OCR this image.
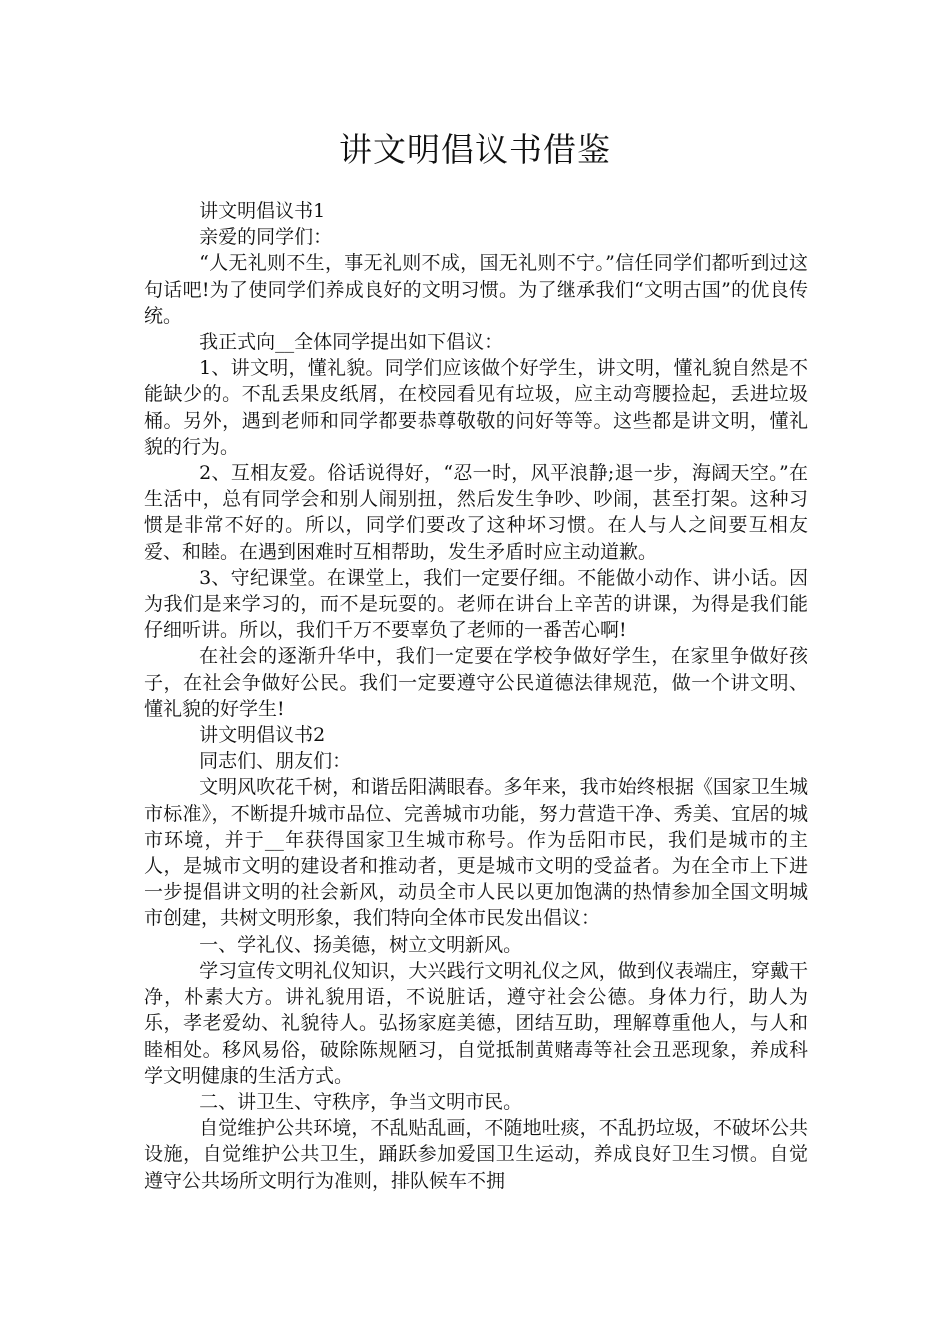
讲文明倡议书借鉴

讲文明倡议书1

亲爱的同学们：

“人无礼则不生，事无礼则不成，国无礼则不宁。”信任同学们都听到过这句话吧!为了使同学们养成良好的文明习惯。为了继承我们“文明古国”的优良传统。

我正式向__全体同学提出如下倡议：

1、讲文明，懂礼貌。同学们应该做个好学生，讲文明，懂礼貌自然是不能缺少的。不乱丢果皮纸屑，在校园看见有垃圾，应主动弯腰捡起，丢进垃圾桶。另外，遇到老师和同学都要恭尊敬敬的问好等等。这些都是讲文明，懂礼貌的行为。

2、互相友爱。俗话说得好，“忍一时，风平浪静;退一步，海阔天空。”在生活中，总有同学会和别人闹别扭，然后发生争吵、吵闹，甚至打架。这种习惯是非常不好的。所以，同学们要改了这种坏习惯。在人与人之间要互相友爱、和睦。在遇到困难时互相帮助，发生矛盾时应主动道歉。

3、守纪课堂。在课堂上，我们一定要仔细。不能做小动作、讲小话。因为我们是来学习的，而不是玩耍的。老师在讲台上辛苦的讲课，为得是我们能仔细听讲。所以，我们千万不要辜负了老师的一番苦心啊!

在社会的逐渐升华中，我们一定要在学校争做好学生，在家里争做好孩子，在社会争做好公民。我们一定要遵守公民道德法律规范，做一个讲文明、懂礼貌的好学生!

讲文明倡议书2

同志们、朋友们：

文明风吹花千树，和谐岳阳满眼春。多年来，我市始终根据《国家卫生城市标准》，不断提升城市品位、完善城市功能，努力营造干净、秀美、宜居的城市环境，并于__年获得国家卫生城市称号。作为岳阳市民，我们是城市的主人，是城市文明的建设者和推动者，更是城市文明的受益者。为在全市上下进一步提倡讲文明的社会新风，动员全市人民以更加饱满的热情参加全国文明城市创建，共树文明形象，我们特向全体市民发出倡议：

一、学礼仪、扬美德，树立文明新风。

学习宣传文明礼仪知识，大兴践行文明礼仪之风，做到仪表端庄，穿戴干净，朴素大方。讲礼貌用语，不说脏话，遵守社会公德。身体力行，助人为乐，孝老爱幼、礼貌待人。弘扬家庭美德，团结互助，理解尊重他人，与人和睦相处。移风易俗，破除陈规陋习，自觉抵制黄赌毒等社会丑恶现象，养成科学文明健康的生活方式。

二、讲卫生、守秩序，争当文明市民。

自觉维护公共环境，不乱贴乱画，不随地吐痰，不乱扔垃圾，不破坏公共设施，自觉维护公共卫生，踊跃参加爱国卫生运动，养成良好卫生习惯。自觉遵守公共场所文明行为准则，排队候车不拥
